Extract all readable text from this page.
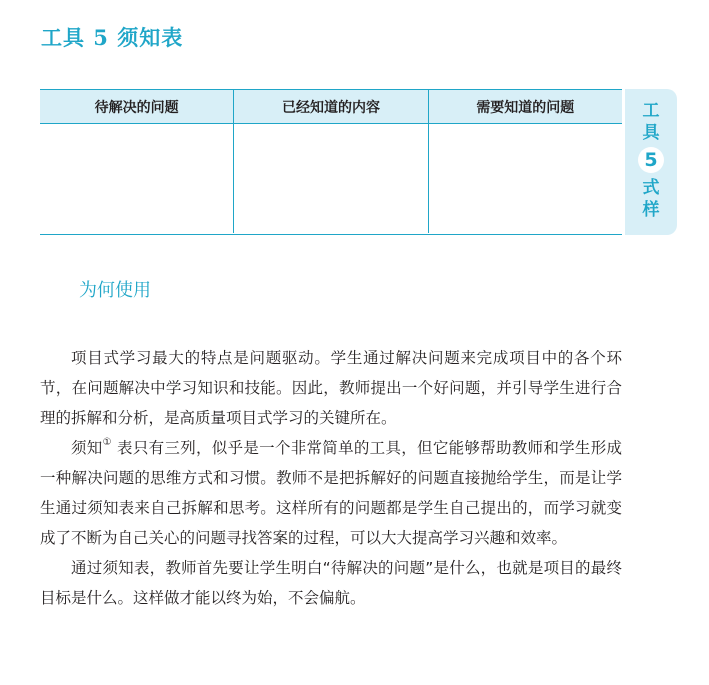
工具 5 须知表
待解决的问题	已经知道的内容	需要知道的问题	工
具
5
式
样
为何使用

项目式学习最大的特点是问题驱动。学生通过解决问题来完成项目中的各个环节，在问题解决中学习知识和技能。因此，教师提出一个好问题，并引导学生进行合理的拆解和分析，是高质量项目式学习的关键所在。

须知① 表只有三列，似乎是一个非常简单的工具，但它能够帮助教师和学生形成一种解决问题的思维方式和习惯。教师不是把拆解好的问题直接抛给学生，而是让学生通过须知表来自己拆解和思考。这样所有的问题都是学生自己提出的，而学习就变成了不断为自己关心的问题寻找答案的过程，可以大大提高学习兴趣和效率。

通过须知表，教师首先要让学生明白“待解决的问题”是什么，也就是项目的最终目标是什么。这样做才能以终为始，不会偏航。
